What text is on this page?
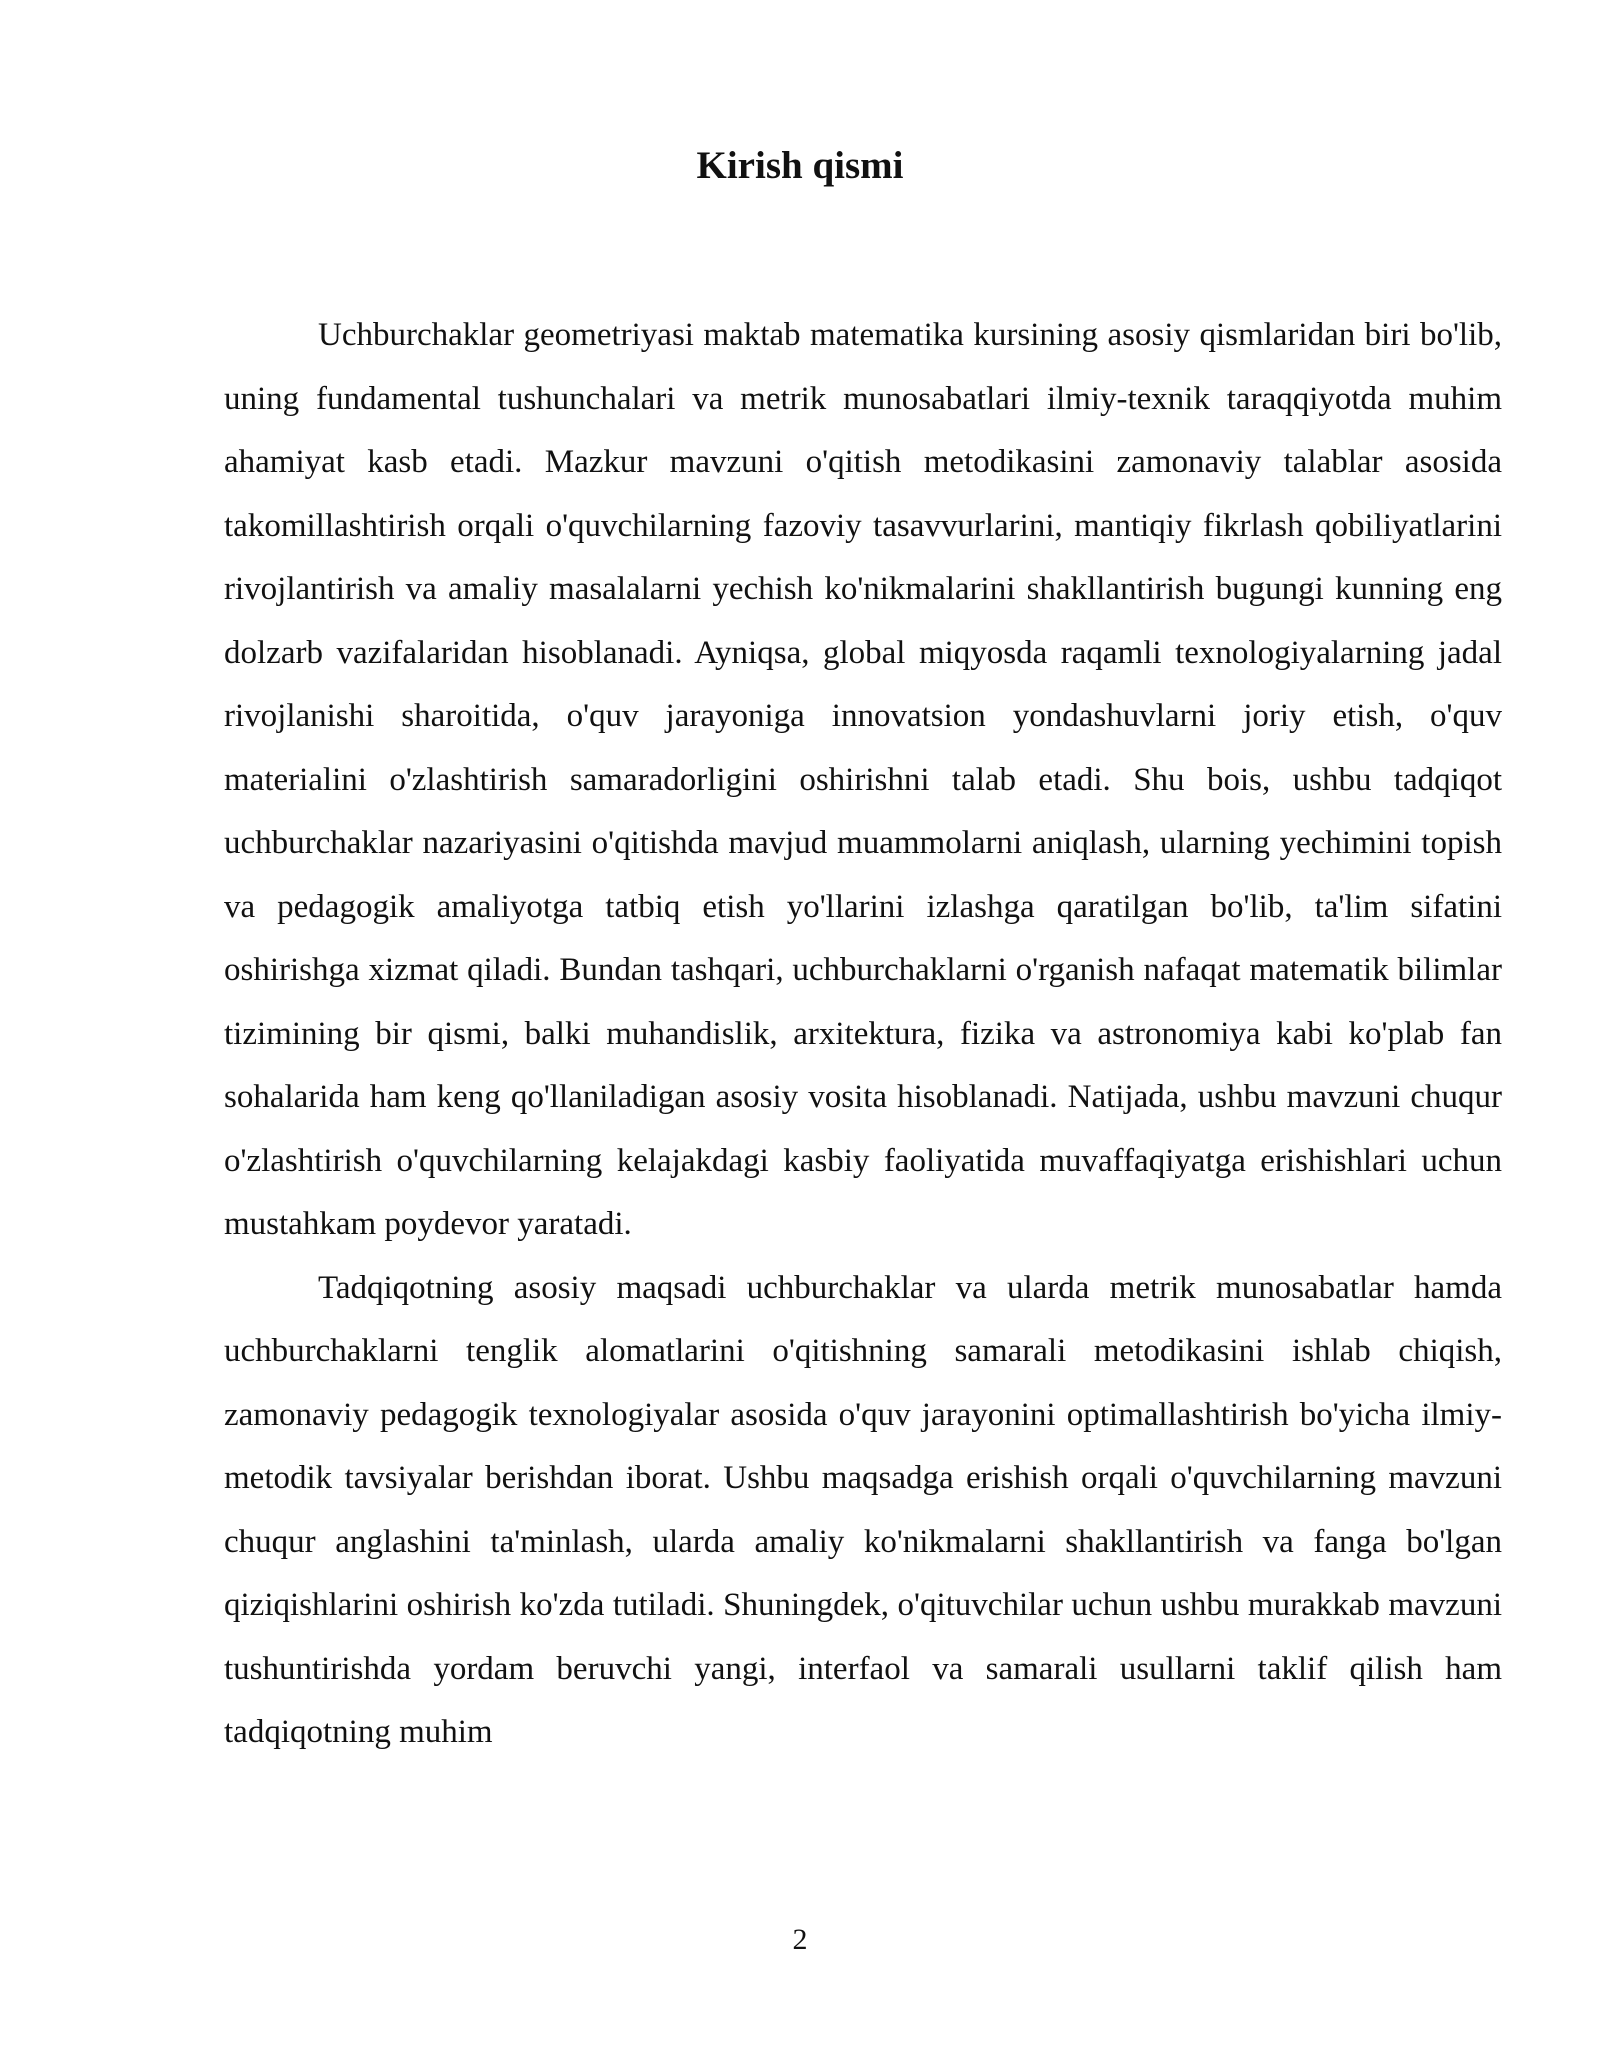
Kirish qismi

Uchburchaklar geometriyasi maktab matematika kursining asosiy qismlaridan biri bo'lib, uning fundamental tushunchalari va metrik munosabatlari ilmiy-texnik taraqqiyotda muhim ahamiyat kasb etadi. Mazkur mavzuni o'qitish metodikasini zamonaviy talablar asosida takomillashtirish orqali o'quvchilarning fazoviy tasavvurlarini, mantiqiy fikrlash qobiliyatlarini rivojlantirish va amaliy masalalarni yechish ko'nikmalarini shakllantirish bugungi kunning eng dolzarb vazifalaridan hisoblanadi. Ayniqsa, global miqyosda raqamli texnologiyalarning jadal rivojlanishi sharoitida, o'quv jarayoniga innovatsion yondashuvlarni joriy etish, o'quv materialini o'zlashtirish samaradorligini oshirishni talab etadi. Shu bois, ushbu tadqiqot uchburchaklar nazariyasini o'qitishda mavjud muammolarni aniqlash, ularning yechimini topish va pedagogik amaliyotga tatbiq etish yo'llarini izlashga qaratilgan bo'lib, ta'lim sifatini oshirishga xizmat qiladi. Bundan tashqari, uchburchaklarni o'rganish nafaqat matematik bilimlar tizimining bir qismi, balki muhandislik, arxitektura, fizika va astronomiya kabi ko'plab fan sohalarida ham keng qo'llaniladigan asosiy vosita hisoblanadi. Natijada, ushbu mavzuni chuqur o'zlashtirish o'quvchilarning kelajakdagi kasbiy faoliyatida muvaffaqiyatga erishishlari uchun mustahkam poydevor yaratadi.

Tadqiqotning asosiy maqsadi uchburchaklar va ularda metrik munosabatlar hamda uchburchaklarni tenglik alomatlarini o'qitishning samarali metodikasini ishlab chiqish, zamonaviy pedagogik texnologiyalar asosida o'quv jarayonini optimallashtirish bo'yicha ilmiy-metodik tavsiyalar berishdan iborat. Ushbu maqsadga erishish orqali o'quvchilarning mavzuni chuqur anglashini ta'minlash, ularda amaliy ko'nikmalarni shakllantirish va fanga bo'lgan qiziqishlarini oshirish ko'zda tutiladi. Shuningdek, o'qituvchilar uchun ushbu murakkab mavzuni tushuntirishda yordam beruvchi yangi, interfaol va samarali usullarni taklif qilish ham tadqiqotning muhim

2
